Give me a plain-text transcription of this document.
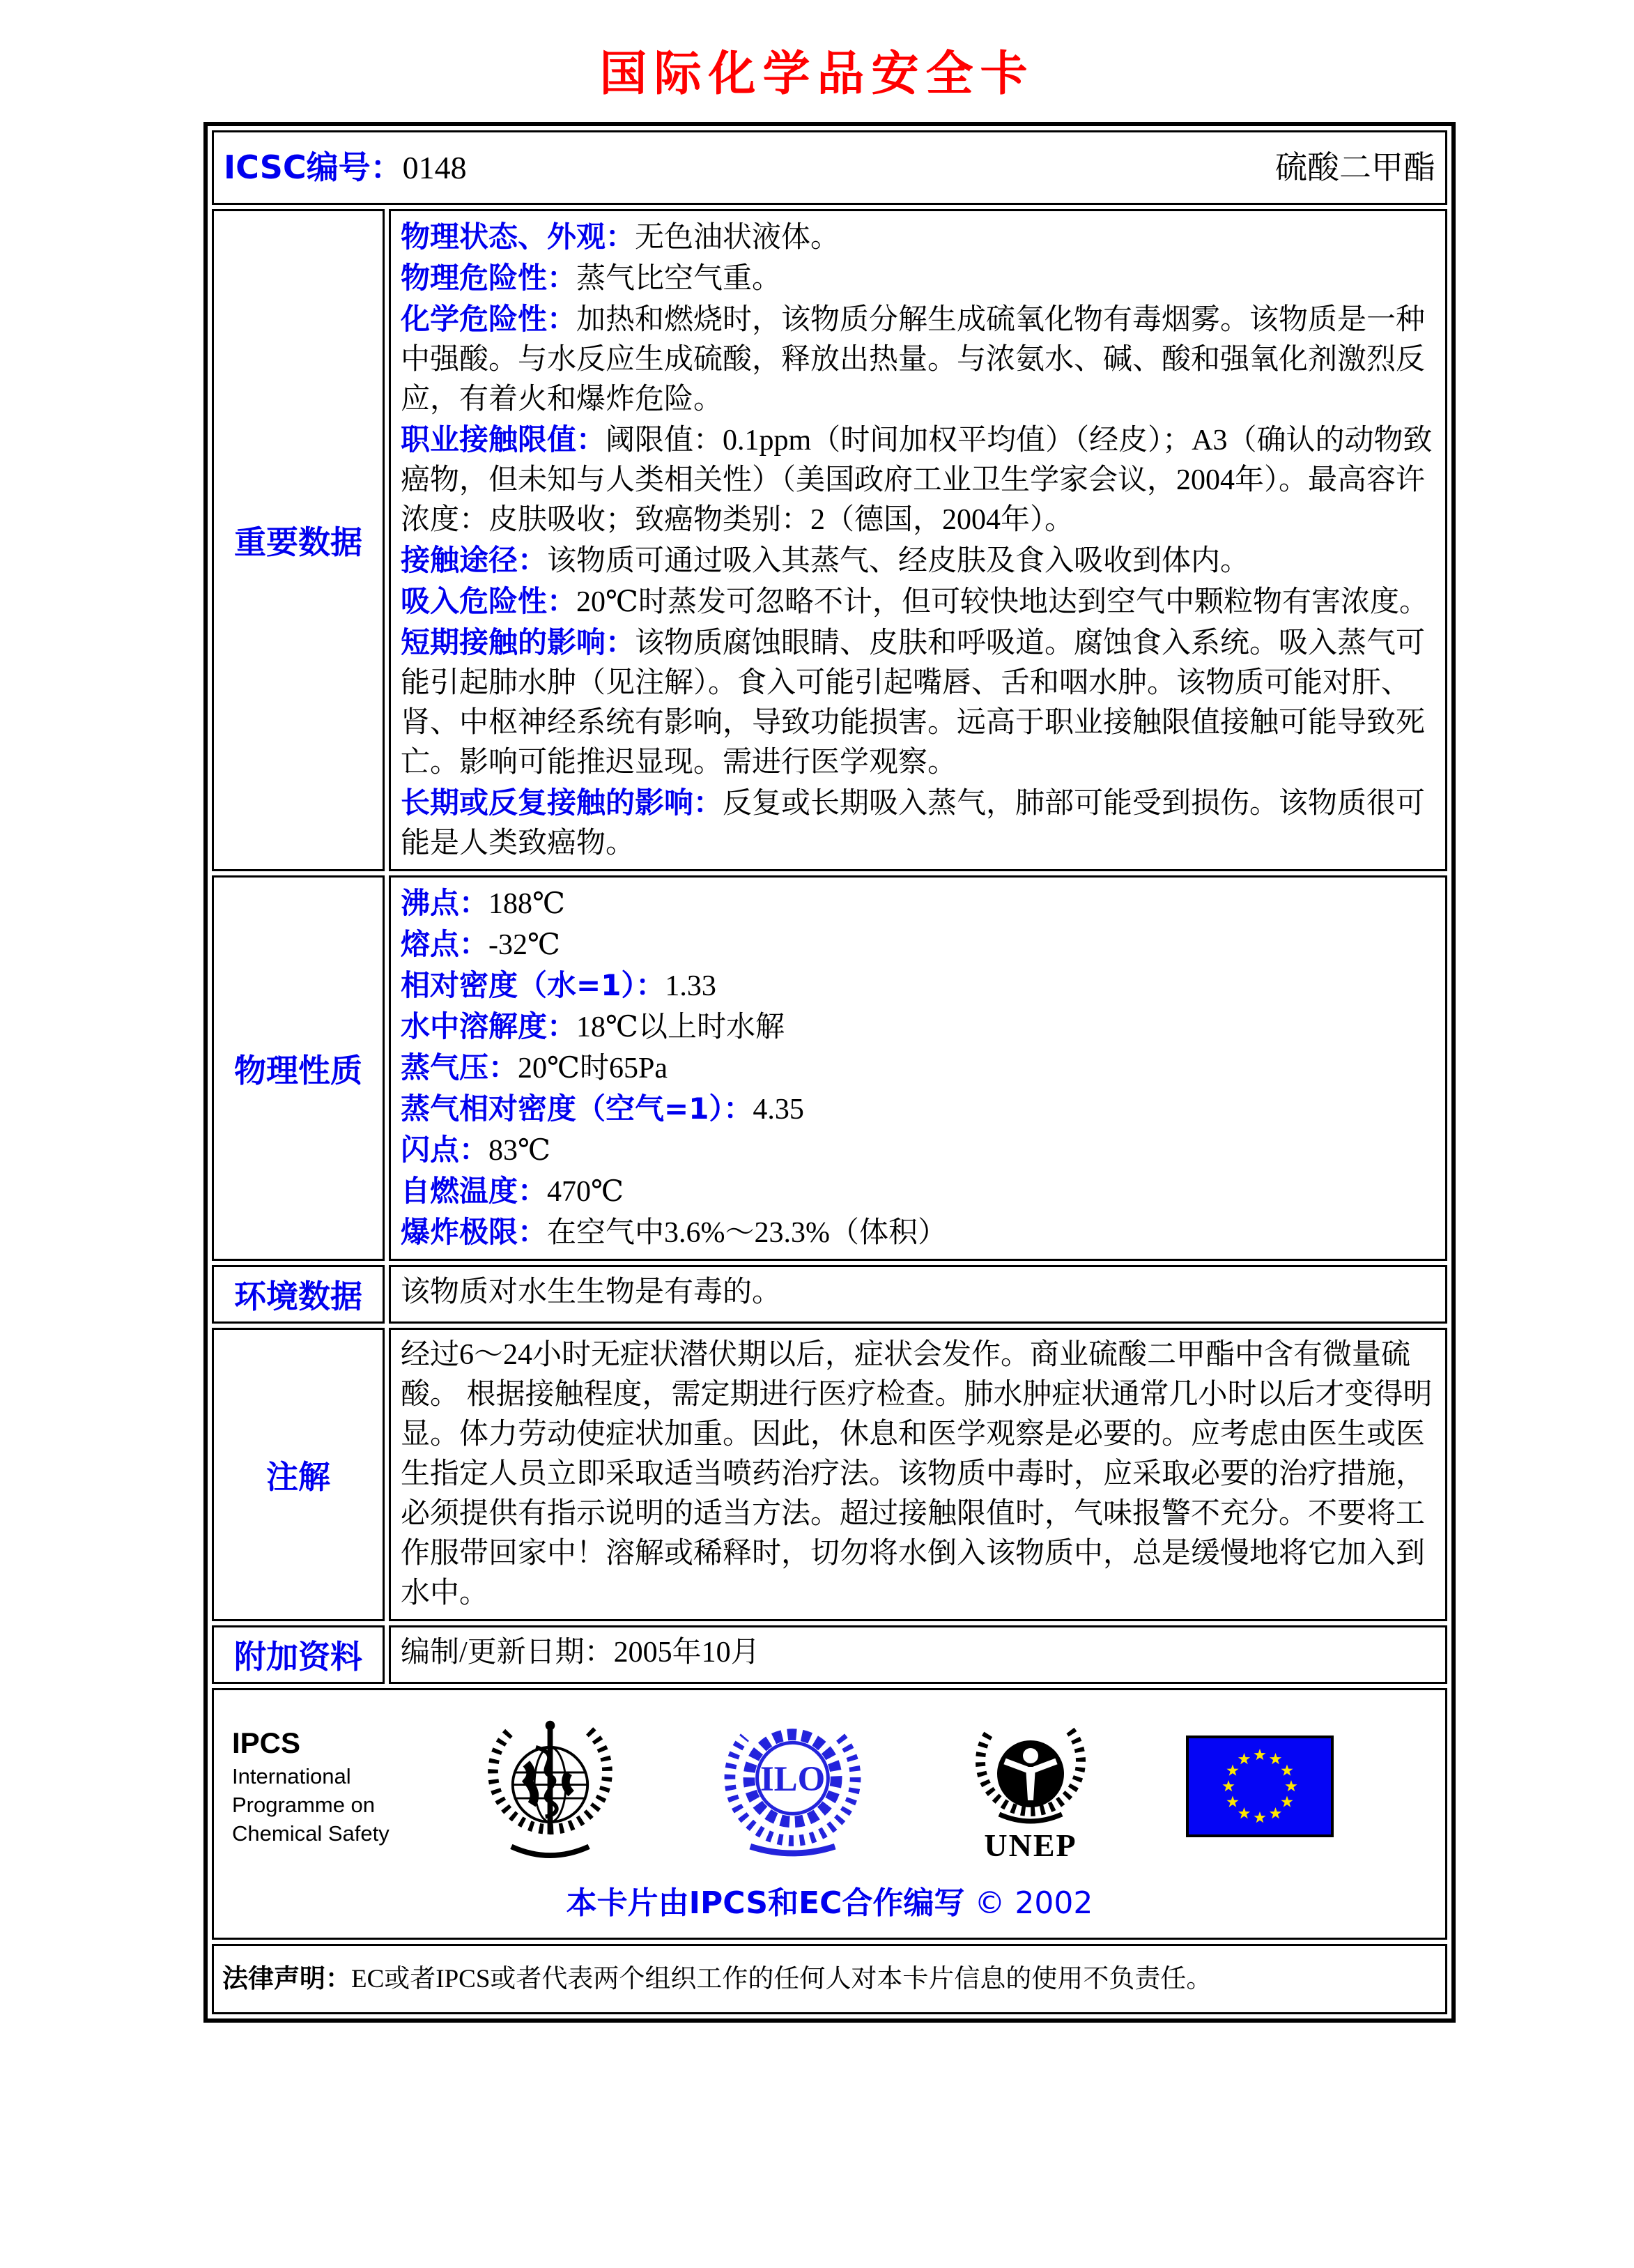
国际化学品安全卡
ICSC编号：0148 硫酸二甲酯	

重要数据	
物理状态、外观：无色油状液体。
物理危险性：蒸气比空气重。
化学危险性：加热和燃烧时，该物质分解生成硫氧化物有毒烟雾。该物质是一种中强酸。与水反应生成硫酸，释放出热量。与浓氨水、碱、酸和强氧化剂激烈反应，有着火和爆炸危险。
职业接触限值：阈限值：0.1ppm（时间加权平均值）（经皮）；A3（确认的动物致癌物，但未知与人类相关性）（美国政府工业卫生学家会议，2004年）。最高容许浓度：皮肤吸收；致癌物类别：2（德国，2004年）。
接触途径：该物质可通过吸入其蒸气、经皮肤及食入吸收到体内。
吸入危险性：20℃时蒸发可忽略不计，但可较快地达到空气中颗粒物有害浓度。
短期接触的影响：该物质腐蚀眼睛、皮肤和呼吸道。腐蚀食入系统。吸入蒸气可能引起肺水肿（见注解）。食入可能引起嘴唇、舌和咽水肿。该物质可能对肝、肾、中枢神经系统有影响，导致功能损害。远高于职业接触限值接触可能导致死亡。影响可能推迟显现。需进行医学观察。
长期或反复接触的影响：反复或长期吸入蒸气，肺部可能受到损伤。该物质很可能是人类致癌物。

物理性质	
沸点：188℃
熔点：-32℃
相对密度（水=1）：1.33
水中溶解度：18℃以上时水解
蒸气压：20℃时65Pa
蒸气相对密度（空气=1）：4.35
闪点：83℃
自燃温度：470℃
爆炸极限：在空气中3.6%～23.3%（体积）

环境数据	该物质对水生生物是有毒的。

注解	经过6～24小时无症状潜伏期以后，症状会发作。商业硫酸二甲酯中含有微量硫酸。 根据接触程度，需定期进行医疗检查。肺水肿症状通常几小时以后才变得明显。体力劳动使症状加重。因此，休息和医学观察是必要的。应考虑由医生或医生指定人员立即采取适当喷药治疗法。该物质中毒时，应采取必要的治疗措施，必须提供有指示说明的适当方法。超过接触限值时，气味报警不充分。不要将工作服带回家中！溶解或稀释时，切勿将水倒入该物质中，总是缓慢地将它加入到水中。

附加资料	编制/更新日期：2005年10月

IPCS
International
Programme on
Chemical Safety
ILO
UNEP
本卡片由IPCS和EC合作编写 © 2002

法律声明：EC或者IPCS或者代表两个组织工作的任何人对本卡片信息的使用不负责任。	
